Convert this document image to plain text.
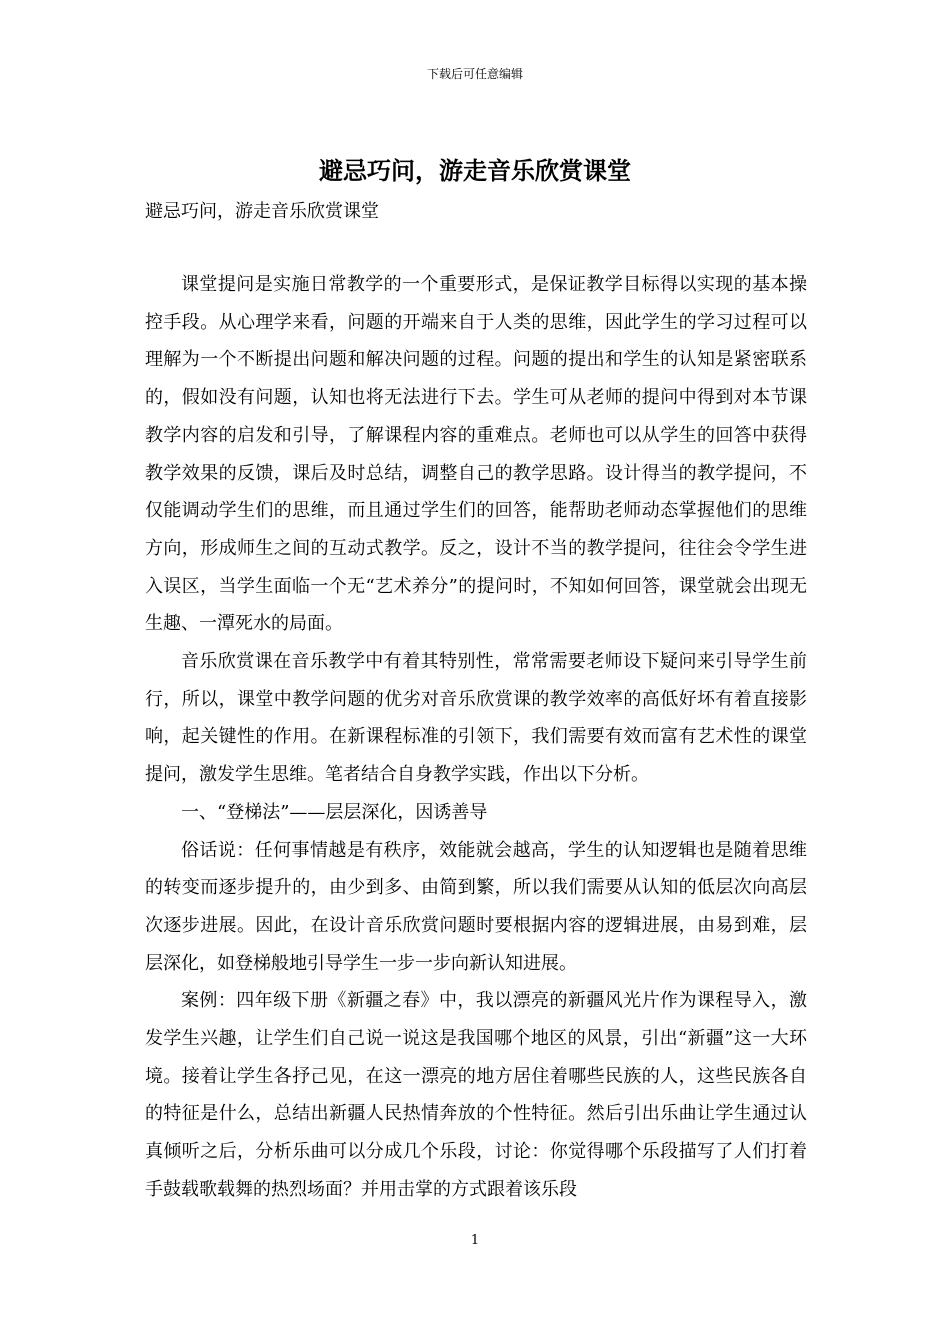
下载后可任意编辑
避忌巧问，游走音乐欣赏课堂

避忌巧问，游走音乐欣赏课堂

课堂提问是实施日常教学的一个重要形式，是保证教学目标得以实现的基本操控手段。从心理学来看，问题的开端来自于人类的思维，因此学生的学习过程可以理解为一个不断提出问题和解决问题的过程。问题的提出和学生的认知是紧密联系的，假如没有问题，认知也将无法进行下去。学生可从老师的提问中得到对本节课教学内容的启发和引导，了解课程内容的重难点。老师也可以从学生的回答中获得教学效果的反馈，课后及时总结，调整自己的教学思路。设计得当的教学提问，不仅能调动学生们的思维，而且通过学生们的回答，能帮助老师动态掌握他们的思维方向，形成师生之间的互动式教学。反之，设计不当的教学提问，往往会令学生进入误区，当学生面临一个无“艺术养分”的提问时，不知如何回答，课堂就会出现无生趣、一潭死水的局面。

音乐欣赏课在音乐教学中有着其特别性，常常需要老师设下疑问来引导学生前行，所以，课堂中教学问题的优劣对音乐欣赏课的教学效率的高低好坏有着直接影响，起关键性的作用。在新课程标准的引领下，我们需要有效而富有艺术性的课堂提问，激发学生思维。笔者结合自身教学实践，作出以下分析。

一、“登梯法”——层层深化，因诱善导

俗话说：任何事情越是有秩序，效能就会越高，学生的认知逻辑也是随着思维的转变而逐步提升的，由少到多、由简到繁，所以我们需要从认知的低层次向高层次逐步进展。因此，在设计音乐欣赏问题时要根据内容的逻辑进展，由易到难，层层深化，如登梯般地引导学生一步一步向新认知进展。

案例：四年级下册《新疆之春》中，我以漂亮的新疆风光片作为课程导入，激发学生兴趣，让学生们自己说一说这是我国哪个地区的风景，引出“新疆”这一大环境。接着让学生各抒己见，在这一漂亮的地方居住着哪些民族的人，这些民族各自的特征是什么，总结出新疆人民热情奔放的个性特征。然后引出乐曲让学生通过认真倾听之后，分析乐曲可以分成几个乐段，讨论：你觉得哪个乐段描写了人们打着手鼓载歌载舞的热烈场面？并用击掌的方式跟着该乐段

1
